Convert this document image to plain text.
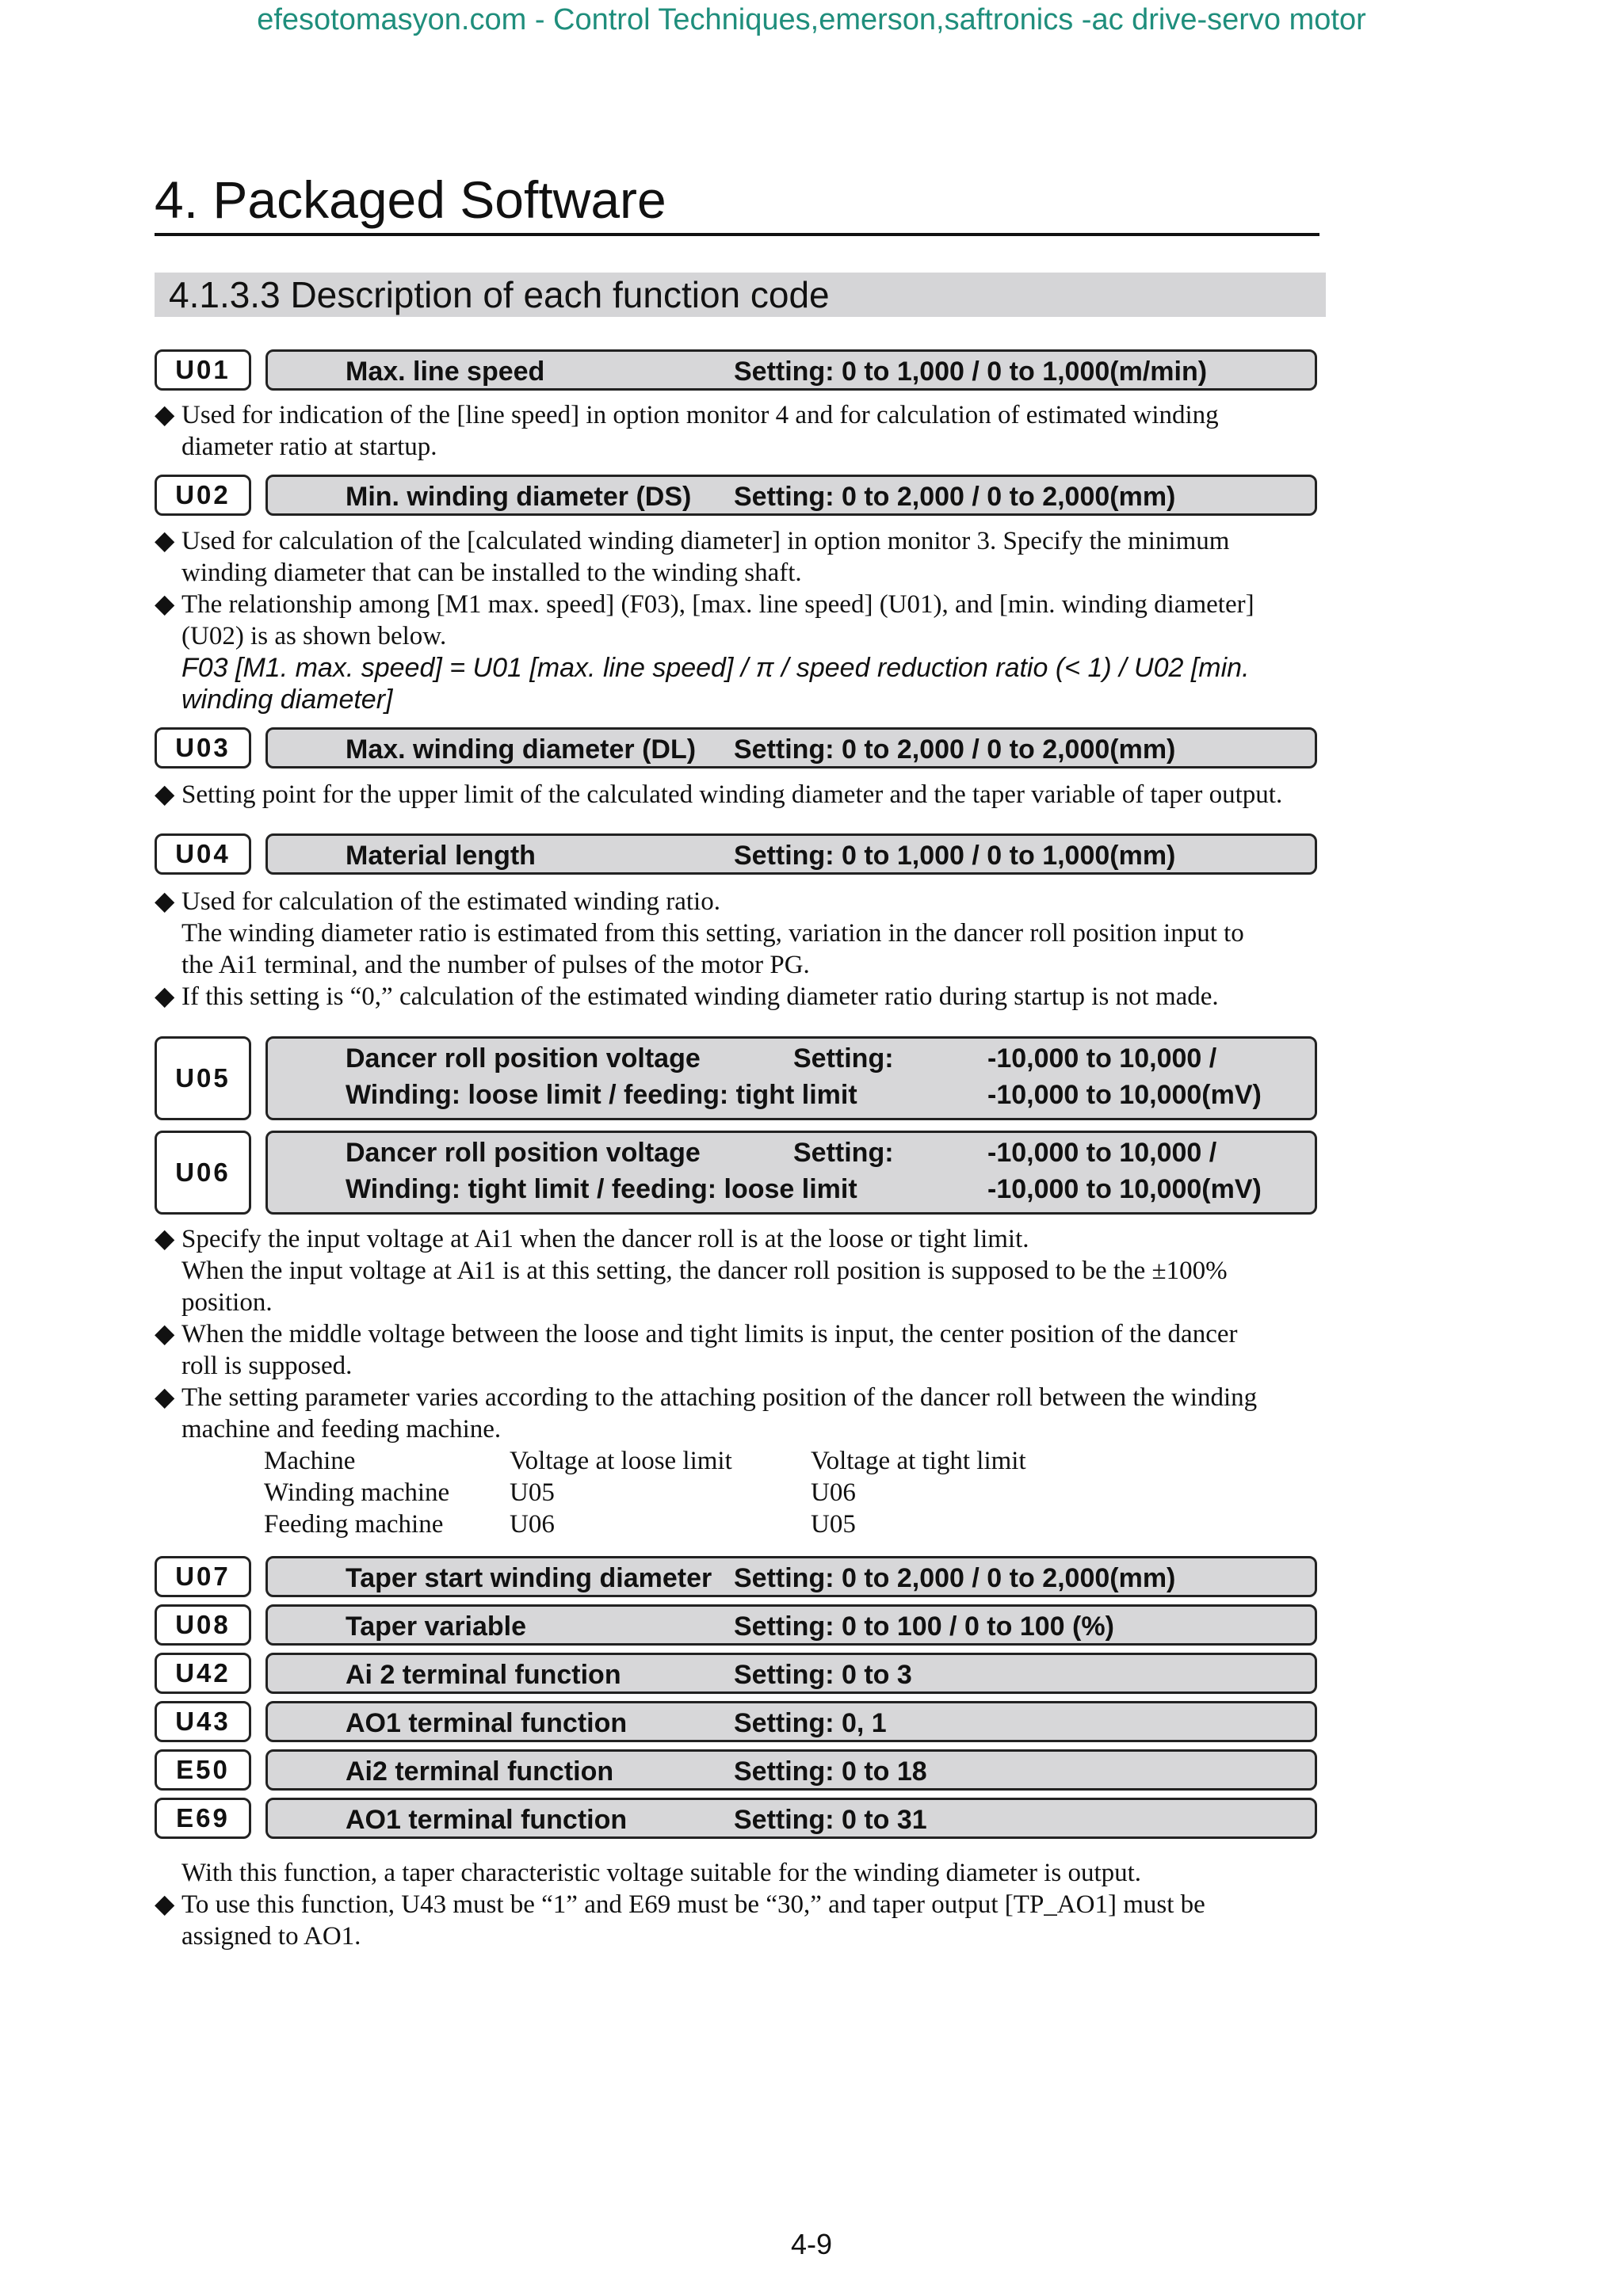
efesotomasyon.com - Control Techniques,emerson,saftronics -ac drive-servo motor
4. Packaged Software
4.1.3.3 Description of each function code
U01	Max. line speed	Setting: 0 to 1,000 / 0 to 1,000(m/min)
◆ Used for indication of the [line speed] in option monitor 4 and for calculation of estimated winding
diameter ratio at startup.
U02	Min. winding diameter (DS) Setting: 0 to 2,000 / 0 to 2,000(mm)
◆ Used for calculation of the [calculated winding diameter] in option monitor 3. Specify the minimum
winding diameter that can be installed to the winding shaft.
◆ The relationship among [M1 max. speed] (F03), [max. line speed] (U01), and [min. winding diameter]
(U02) is as shown below.
F03 [M1. max. speed] = U01 [max. line speed] / π / speed reduction ratio (< 1) / U02 [min.
winding diameter]
U03	Max. winding diameter (DL) Setting: 0 to 2,000 / 0 to 2,000(mm)
◆ Setting point for the upper limit of the calculated winding diameter and the taper variable of taper output.
U04	Material length	Setting: 0 to 1,000 / 0 to 1,000(mm)
◆ Used for calculation of the estimated winding ratio.
The winding diameter ratio is estimated from this setting, variation in the dancer roll position input to
the Ai1 terminal, and the number of pulses of the motor PG.
◆ If this setting is “0,” calculation of the estimated winding diameter ratio during startup is not made.
U05
Dancer roll position voltage	Setting:	-10,000 to 10,000 /
Winding: loose limit / feeding: tight limit	-10,000 to 10,000(mV)
U06
Dancer roll position voltage	Setting:	-10,000 to 10,000 /
Winding: tight limit / feeding: loose limit	-10,000 to 10,000(mV)
◆ Specify the input voltage at Ai1 when the dancer roll is at the loose or tight limit.
When the input voltage at Ai1 is at this setting, the dancer roll position is supposed to be the ±100%
position.
◆ When the middle voltage between the loose and tight limits is input, the center position of the dancer
roll is supposed.
◆ The setting parameter varies according to the attaching position of the dancer roll between the winding
machine and feeding machine.
Machine	Voltage at loose limit	Voltage at tight limit
Winding machine U05	U06
Feeding machine	U06	U05
U07	Taper start winding diameter Setting: 0 to 2,000 / 0 to 2,000(mm)
U08	Taper variable	Setting: 0 to 100 / 0 to 100 (%)
U42	Ai 2 terminal function	Setting: 0 to 3
U43	AO1 terminal function	Setting: 0, 1
E50	Ai2 terminal function	Setting: 0 to 18
E69	AO1 terminal function	Setting: 0 to 31
With this function, a taper characteristic voltage suitable for the winding diameter is output.
◆ To use this function, U43 must be “1” and E69 must be “30,” and taper output [TP_AO1] must be
assigned to AO1.
4-9
